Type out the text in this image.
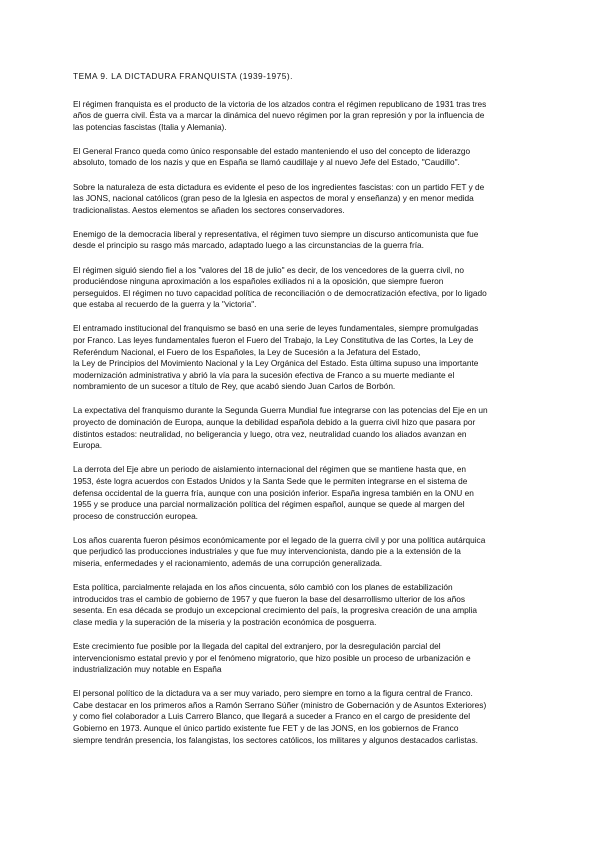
TEMA 9. LA DICTADURA FRANQUISTA (1939-1975).
El régimen franquista es el producto de la victoria de los alzados contra el régimen republicano de 1931 tras tres
años de guerra civil. Ésta va a marcar la dinámica del nuevo régimen por la gran represión y por la influencia de
las potencias fascistas (Italia y Alemania).
El General Franco queda como único responsable del estado manteniendo el uso del concepto de liderazgo
absoluto, tomado de los nazis y que en España se llamó caudillaje y al nuevo Jefe del Estado, "Caudillo".
Sobre la naturaleza de esta dictadura es evidente el peso de los ingredientes fascistas: con un partido FET y de
las JONS, nacional católicos (gran peso de la Iglesia en aspectos de moral y enseñanza) y en menor medida
tradicionalistas. Aestos elementos se añaden los sectores conservadores.
Enemigo de la democracia liberal y representativa, el régimen tuvo siempre un discurso anticomunista que fue
desde el principio su rasgo más marcado, adaptado luego a las circunstancias de la guerra fría.
El régimen siguió siendo fiel a los "valores del 18 de julio" es decir, de los vencedores de la guerra civil, no
produciéndose ninguna aproximación a los españoles exiliados ni a la oposición, que siempre fueron
perseguidos. El régimen no tuvo capacidad política de reconciliación o de democratización efectiva, por lo ligado
que estaba al recuerdo de la guerra y la "victoria".
El entramado institucional del franquismo se basó en una serie de leyes fundamentales, siempre promulgadas
por Franco. Las leyes fundamentales fueron el Fuero del Trabajo, la Ley Constitutiva de las Cortes, la Ley de
Referéndum Nacional, el Fuero de los Españoles, la Ley de Sucesión a la Jefatura del Estado,
la Ley de Principios del Movimiento Nacional y la Ley Orgánica del Estado. Esta última supuso una importante
modernización administrativa y abrió la vía para la sucesión efectiva de Franco a su muerte mediante el
nombramiento de un sucesor a título de Rey, que acabó siendo Juan Carlos de Borbón.
La expectativa del franquismo durante la Segunda Guerra Mundial fue integrarse con las potencias del Eje en un
proyecto de dominación de Europa, aunque la debilidad española debido a la guerra civil hizo que pasara por
distintos estados: neutralidad, no beligerancia y luego, otra vez, neutralidad cuando los aliados avanzan en
Europa.
La derrota del Eje abre un periodo de aislamiento internacional del régimen que se mantiene hasta que, en
1953, éste logra acuerdos con Estados Unidos y la Santa Sede que le permiten integrarse en el sistema de
defensa occidental de la guerra fría, aunque con una posición inferior. España ingresa también en la ONU en
1955 y se produce una parcial normalización política del régimen español, aunque se quede al margen del
proceso de construcción europea.
Los años cuarenta fueron pésimos económicamente por el legado de la guerra civil y por una política autárquica
que perjudicó las producciones industriales y que fue muy intervencionista, dando pie a la extensión de la
miseria, enfermedades y el racionamiento, además de una corrupción generalizada.
Esta política, parcialmente relajada en los años cincuenta, sólo cambió con los planes de estabilización
introducidos tras el cambio de gobierno de 1957 y que fueron la base del desarrollismo ulterior de los años
sesenta. En esa década se produjo un excepcional crecimiento del país, la progresiva creación de una amplia
clase media y la superación de la miseria y la postración económica de posguerra.
Este crecimiento fue posible por la llegada del capital del extranjero, por la desregulación parcial del
intervencionismo estatal previo y por el fenómeno migratorio, que hizo posible un proceso de urbanización e
industrialización muy notable en España
El personal político de la dictadura va a ser muy variado, pero siempre en torno a la figura central de Franco.
Cabe destacar en los primeros años a Ramón Serrano Súñer (ministro de Gobernación y de Asuntos Exteriores)
y como fiel colaborador a Luis Carrero Blanco, que llegará a suceder a Franco en el cargo de presidente del
Gobierno en 1973. Aunque el único partido existente fue FET y de las JONS, en los gobiernos de Franco
siempre tendrán presencia, los falangistas, los sectores católicos, los militares y algunos destacados carlistas.
